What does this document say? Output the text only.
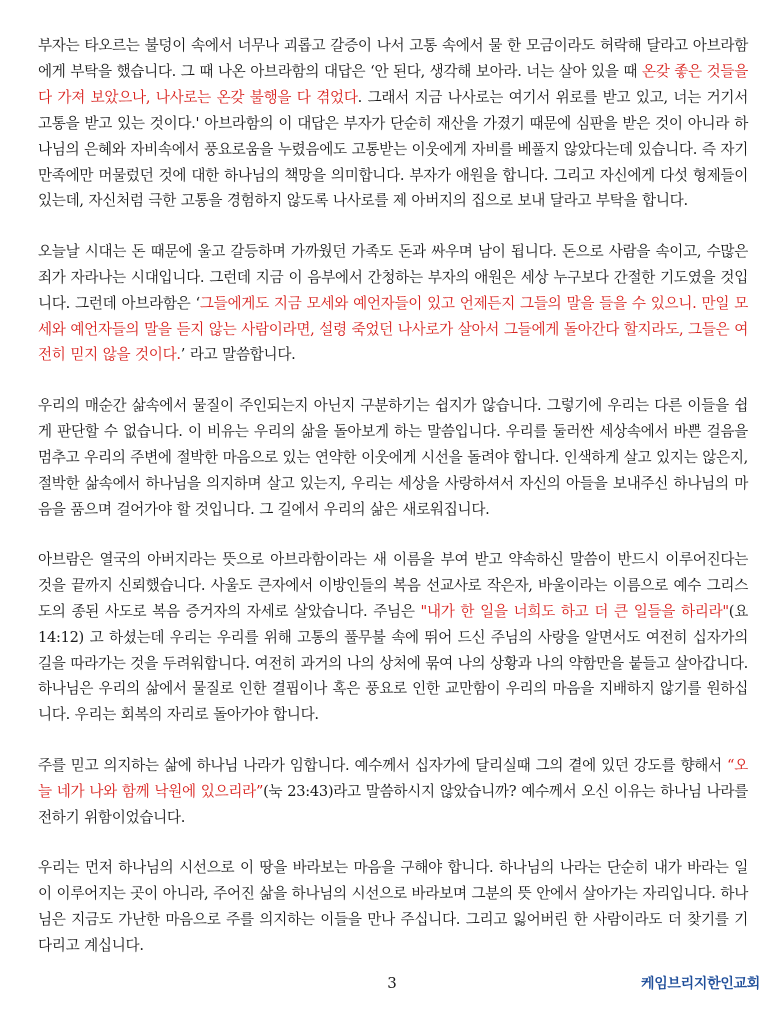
부자는 타오르는 불덩이 속에서 너무나 괴롭고 갈증이 나서 고통 속에서 물 한 모금이라도 허락해 달라고 아브라함에게 부탁을 했습니다. 그 때 나온 아브라함의 대답은 ‘안 된다, 생각해 보아라. 너는 살아 있을 때 온갖 좋은 것들을 다 가져 보았으나, 나사로는 온갖 불행을 다 겪었다. 그래서 지금 나사로는 여기서 위로를 받고 있고, 너는 거기서 고통을 받고 있는 것이다.' 아브라함의 이 대답은 부자가 단순히 재산을 가졌기 때문에 심판을 받은 것이 아니라 하나님의 은혜와 자비속에서 풍요로움을 누렸음에도 고통받는 이웃에게 자비를 베풀지 않았다는데 있습니다. 즉 자기 만족에만 머물렀던 것에 대한 하나님의 책망을 의미합니다. 부자가 애원을 합니다. 그리고 자신에게 다섯 형제들이 있는데, 자신처럼 극한 고통을 경험하지 않도록 나사로를 제 아버지의 집으로 보내 달라고 부탁을 합니다.

오늘날 시대는 돈 때문에 울고 갈등하며 가까웠던 가족도 돈과 싸우며 남이 됩니다. 돈으로 사람을 속이고, 수많은 죄가 자라나는 시대입니다. 그런데 지금 이 음부에서 간청하는 부자의 애원은 세상 누구보다 간절한 기도였을 것입니다. 그런데 아브라함은 ‘그들에게도 지금 모세와 예언자들이 있고 언제든지 그들의 말을 들을 수 있으니. 만일 모세와 예언자들의 말을 듣지 않는 사람이라면, 설령 죽었던 나사로가 살아서 그들에게 돌아간다 할지라도, 그들은 여전히 믿지 않을 것이다.’ 라고 말씀합니다.

우리의 매순간 삶속에서 물질이 주인되는지 아닌지 구분하기는 쉽지가 않습니다. 그렇기에 우리는 다른 이들을 쉽게 판단할 수 없습니다. 이 비유는 우리의 삶을 돌아보게 하는 말씀입니다. 우리를 둘러싼 세상속에서 바쁜 걸음을 멈추고 우리의 주변에 절박한 마음으로 있는 연약한 이웃에게 시선을 돌려야 합니다. 인색하게 살고 있지는 않은지, 절박한 삶속에서 하나님을 의지하며 살고 있는지, 우리는 세상을 사랑하셔서 자신의 아들을 보내주신 하나님의 마음을 품으며 걸어가야 할 것입니다. 그 길에서 우리의 삶은 새로워집니다.

아브람은 열국의 아버지라는 뜻으로 아브라함이라는 새 이름을 부여 받고 약속하신 말씀이 반드시 이루어진다는 것을 끝까지 신뢰했습니다. 사울도 큰자에서 이방인들의 복음 선교사로 작은자, 바울이라는 이름으로 예수 그리스도의 종된 사도로 복음 증거자의 자세로 살았습니다. 주님은 "내가 한 일을 너희도 하고 더 큰 일들을 하리라"(요 14:12) 고 하셨는데 우리는 우리를 위해 고통의 풀무불 속에 뛰어 드신 주님의 사랑을 알면서도 여전히 십자가의 길을 따라가는 것을 두려워합니다. 여전히 과거의 나의 상처에 묶여 나의 상황과 나의 약함만을 붙들고 살아갑니다. 하나님은 우리의 삶에서 물질로 인한 결핍이나 혹은 풍요로 인한 교만함이 우리의 마음을 지배하지 않기를 원하십니다. 우리는 회복의 자리로 돌아가야 합니다.

주를 믿고 의지하는 삶에 하나님 나라가 임합니다. 예수께서 십자가에 달리실때 그의 곁에 있던 강도를 향해서 “오늘 네가 나와 함께 낙원에 있으리라”(눅 23:43)라고 말씀하시지 않았습니까? 예수께서 오신 이유는 하나님 나라를 전하기 위함이었습니다.

우리는 먼저 하나님의 시선으로 이 땅을 바라보는 마음을 구해야 합니다. 하나님의 나라는 단순히 내가 바라는 일이 이루어지는 곳이 아니라, 주어진 삶을 하나님의 시선으로 바라보며 그분의 뜻 안에서 살아가는 자리입니다. 하나님은 지금도 가난한 마음으로 주를 의지하는 이들을 만나 주십니다. 그리고 잃어버린 한 사람이라도 더 찾기를 기다리고 계십니다.

3	케임브리지한인교회
